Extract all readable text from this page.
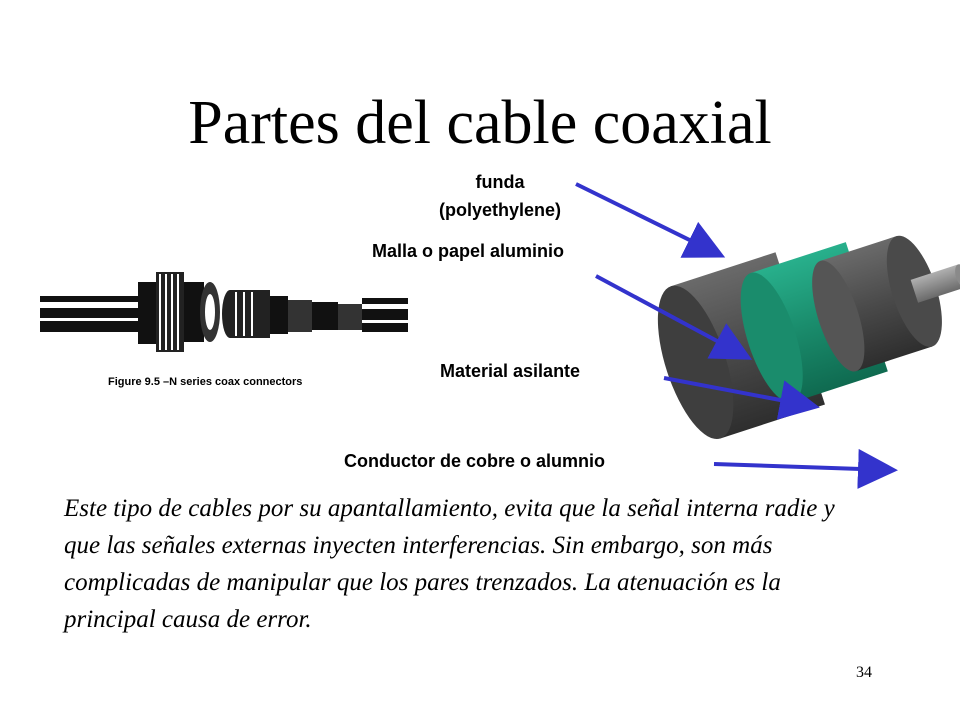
Partes del cable coaxial
Figure 9.5 –N series coax connectors
funda
(polyethylene)
Malla o papel aluminio
Material asilante
Conductor de cobre o alumnio
Este tipo de cables por su apantallamiento, evita que la señal interna radie y que las señales externas inyecten interferencias. Sin embargo, son más complicadas de manipular que los pares trenzados. La atenuación es la principal causa de error.
34
